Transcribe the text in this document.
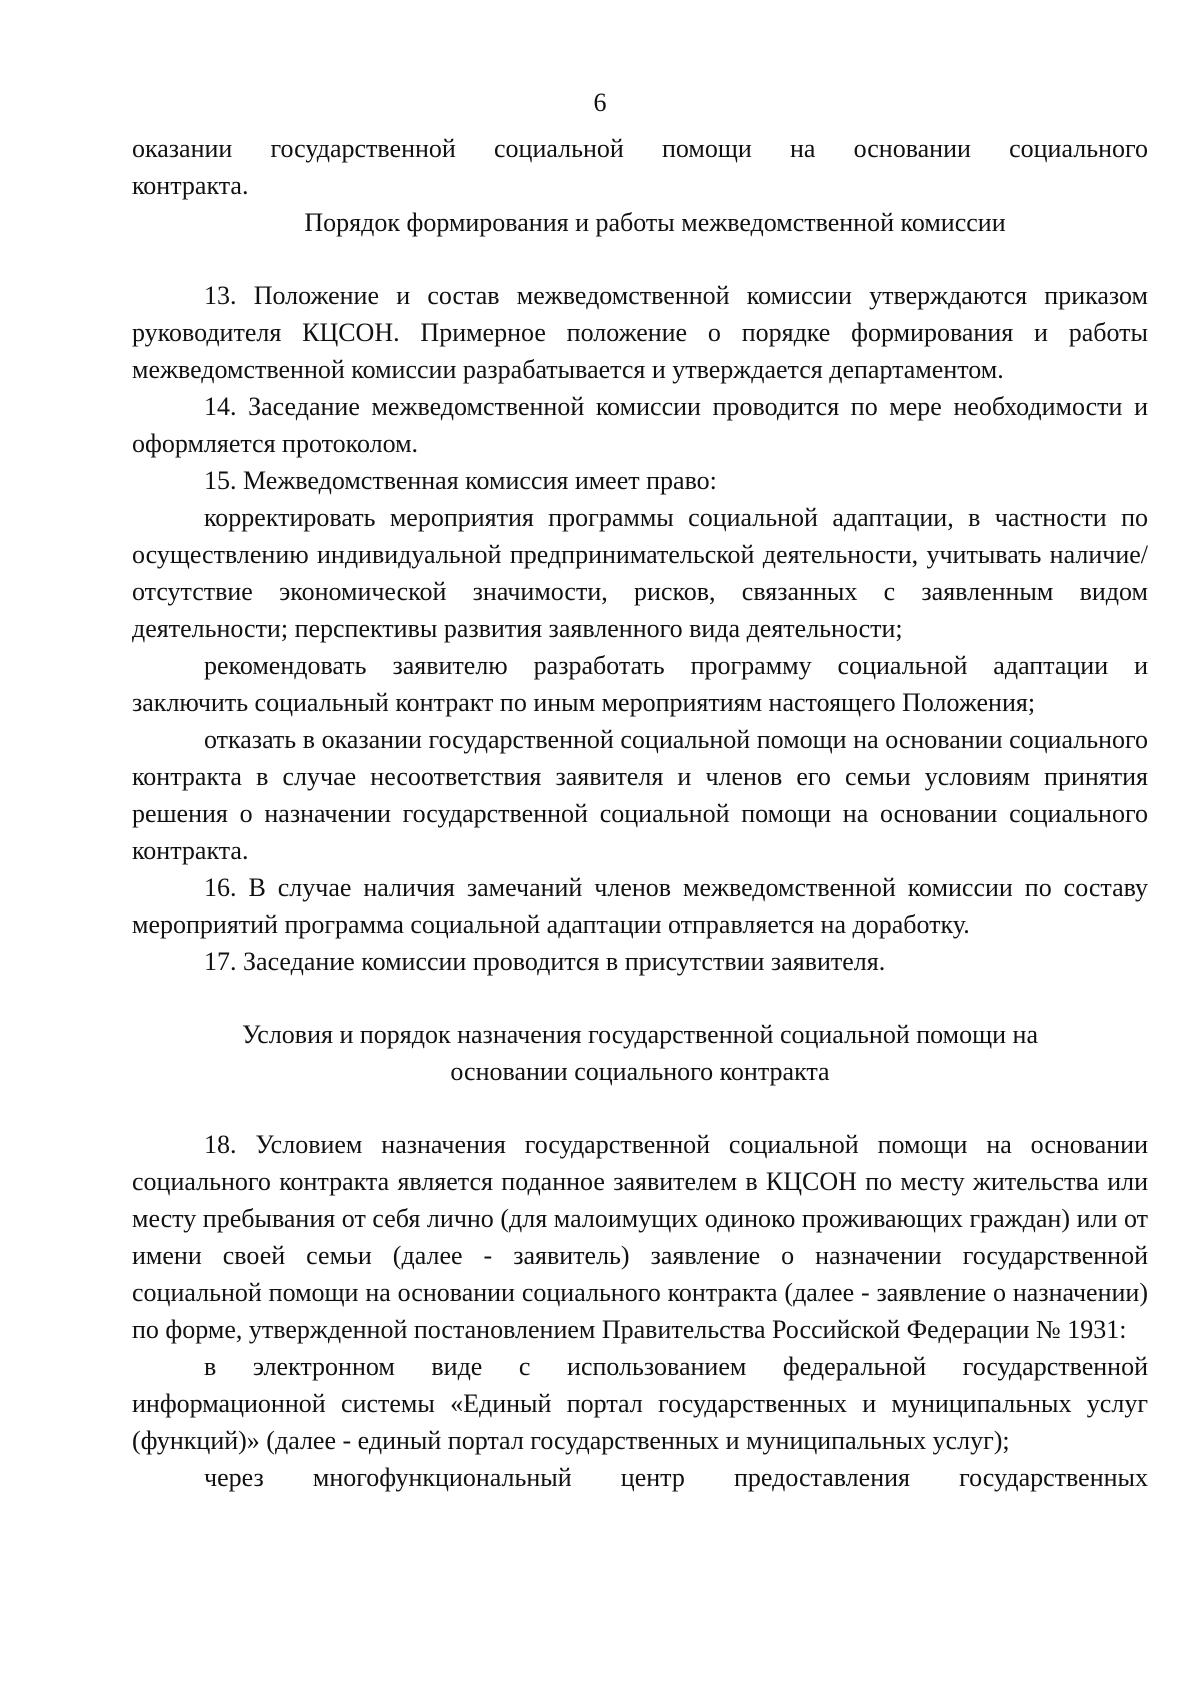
6

оказании государственной социальной помощи на основании социального

контракта.

Порядок формирования и работы межведомственной комиссии

13. Положение и состав межведомственной комиссии утверждаются приказом руководителя КЦСОН. Примерное положение о порядке формирования и работы межведомственной комиссии разрабатывается и утверждается департаментом.

14. Заседание межведомственной комиссии проводится по мере необходимости и оформляется протоколом.

15. Межведомственная комиссия имеет право:

корректировать мероприятия программы социальной адаптации, в частности по осуществлению индивидуальной предпринимательской деятельности, учитывать наличие/отсутствие экономической значимости, рисков, связанных с заявленным видом деятельности; перспективы развития заявленного вида деятельности;

рекомендовать заявителю разработать программу социальной адаптации и заключить социальный контракт по иным мероприятиям настоящего Положения;

отказать в оказании государственной социальной помощи на основании социального контракта в случае несоответствия заявителя и членов его семьи условиям принятия решения о назначении государственной социальной помощи на основании социального контракта.

16. В случае наличия замечаний членов межведомственной комиссии по составу мероприятий программа социальной адаптации отправляется на доработку.

17. Заседание комиссии проводится в присутствии заявителя.

Условия и порядок назначения государственной социальной помощи на
основании социального контракта

18. Условием назначения государственной социальной помощи на основании социального контракта является поданное заявителем в КЦСОН по месту жительства или месту пребывания от себя лично (для малоимущих одиноко проживающих граждан) или от имени своей семьи (далее - заявитель) заявление о назначении государственной социальной помощи на основании социального контракта (далее - заявление о назначении) по форме, утвержденной постановлением Правительства Российской Федерации № 1931:

в электронном виде с использованием федеральной государственной информационной системы «Единый портал государственных и муниципальных услуг (функций)» (далее - единый портал государственных и муниципальных услуг);

через многофункциональный центр предоставления государственных
